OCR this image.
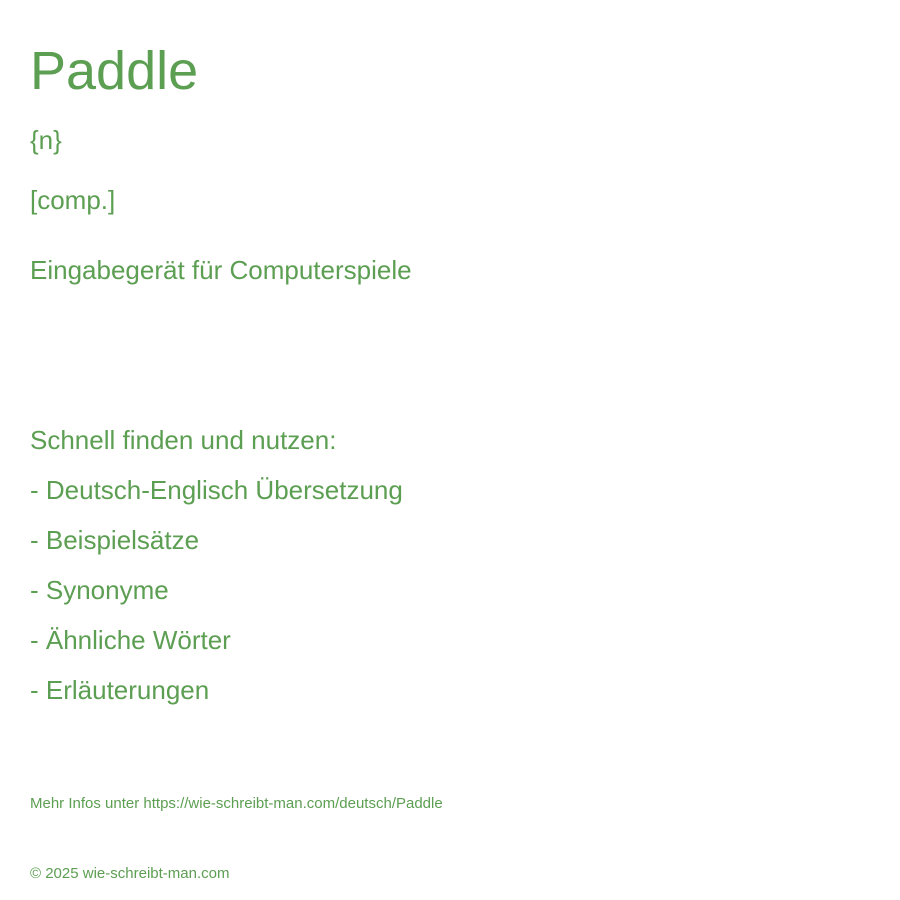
Paddle
{n}
[comp.]
Eingabegerät für Computerspiele
Schnell finden und nutzen:
- Deutsch-Englisch Übersetzung
- Beispielsätze
- Synonyme
- Ähnliche Wörter
- Erläuterungen
Mehr Infos unter https://wie-schreibt-man.com/deutsch/Paddle
© 2025 wie-schreibt-man.com
